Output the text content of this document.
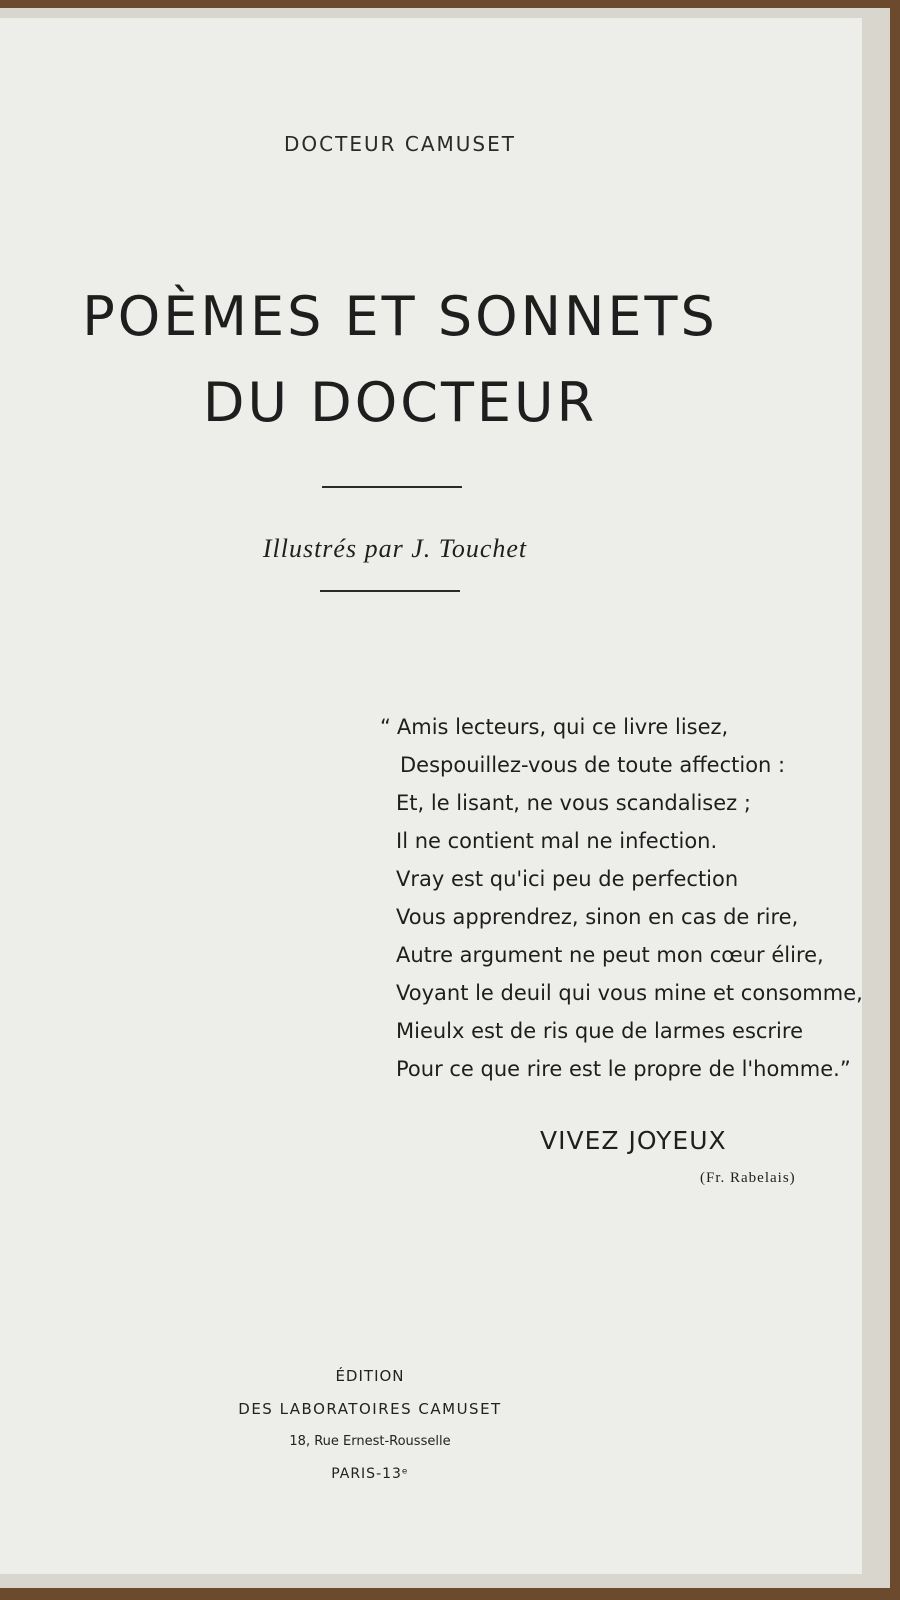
DOCTEUR CAMUSET
POÈMES ET SONNETS
DU DOCTEUR
Illustrés par J. Touchet
“ Amis lecteurs, qui ce livre lisez,
Despouillez-vous de toute affection :
Et, le lisant, ne vous scandalisez ;
Il ne contient mal ne infection.
Vray est qu'ici peu de perfection
Vous apprendrez, sinon en cas de rire,
Autre argument ne peut mon cœur élire,
Voyant le deuil qui vous mine et consomme,
Mieulx est de ris que de larmes escrire
Pour ce que rire est le propre de l'homme.”
VIVEZ JOYEUX
(Fr. Rabelais)
ÉDITION
DES LABORATOIRES CAMUSET
18, Rue Ernest-Rousselle
PARIS-13ᵉ
